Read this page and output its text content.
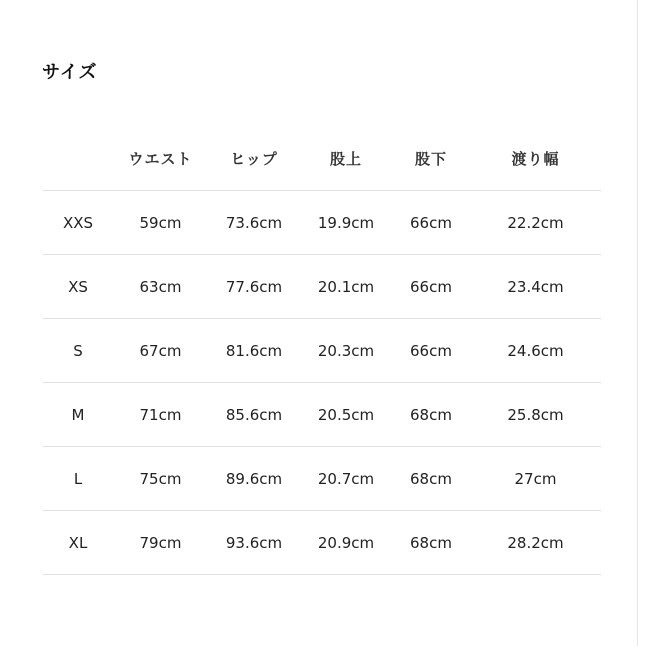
サイズ
	ウエスト	ヒップ	股上	股下	渡り幅
XXS	59cm	73.6cm	19.9cm	66cm	22.2cm
XS	63cm	77.6cm	20.1cm	66cm	23.4cm
S	67cm	81.6cm	20.3cm	66cm	24.6cm
M	71cm	85.6cm	20.5cm	68cm	25.8cm
L	75cm	89.6cm	20.7cm	68cm	27cm
XL	79cm	93.6cm	20.9cm	68cm	28.2cm
